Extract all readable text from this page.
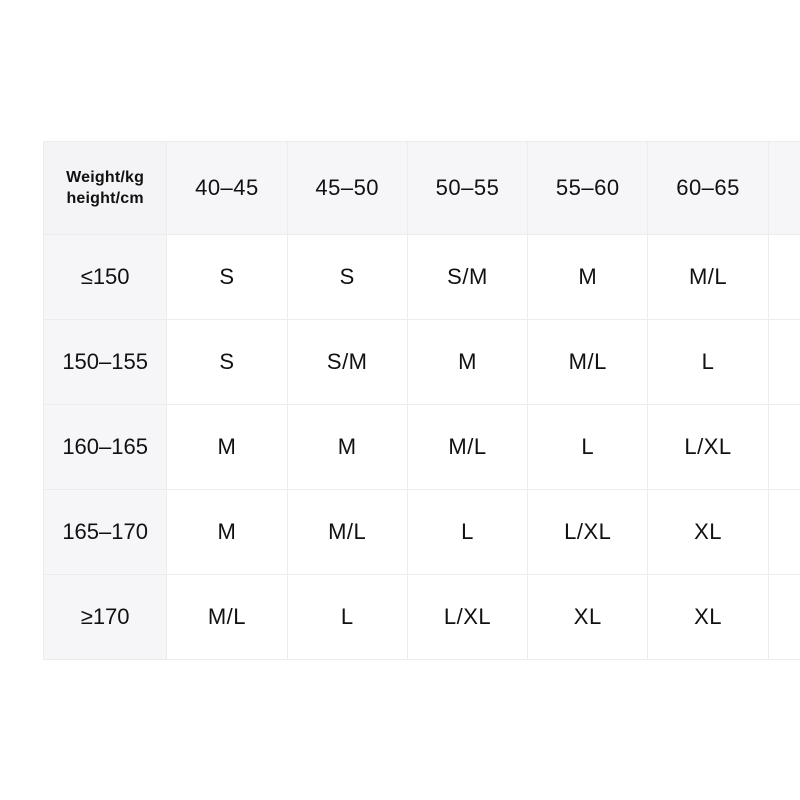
Weight/kg
height/cm	40–45	45–50	50–55	55–60	60–65	
≤150	S	S	S/M	M	M/L	
150–155	S	S/M	M	M/L	L	
160–165	M	M	M/L	L	L/XL	
165–170	M	M/L	L	L/XL	XL	
≥170	M/L	L	L/XL	XL	XL	
